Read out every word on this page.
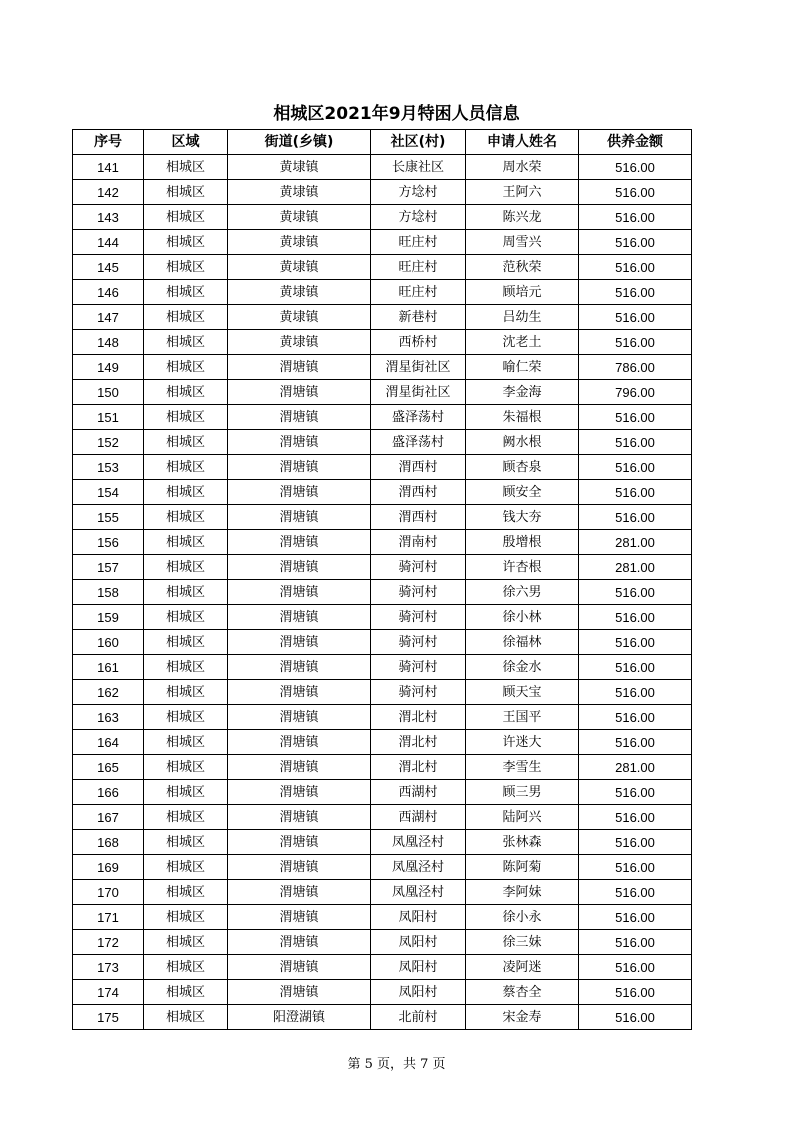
相城区2021年9月特困人员信息
序号	区域	街道(乡镇)	社区(村)	申请人姓名	供养金额
141	相城区	黄埭镇	长康社区	周水荣	516.00
142	相城区	黄埭镇	方埝村	王阿六	516.00
143	相城区	黄埭镇	方埝村	陈兴龙	516.00
144	相城区	黄埭镇	旺庄村	周雪兴	516.00
145	相城区	黄埭镇	旺庄村	范秋荣	516.00
146	相城区	黄埭镇	旺庄村	顾培元	516.00
147	相城区	黄埭镇	新巷村	吕幼生	516.00
148	相城区	黄埭镇	西桥村	沈老土	516.00
149	相城区	渭塘镇	渭星街社区	喻仁荣	786.00
150	相城区	渭塘镇	渭星街社区	李金海	796.00
151	相城区	渭塘镇	盛泽荡村	朱福根	516.00
152	相城区	渭塘镇	盛泽荡村	阙水根	516.00
153	相城区	渭塘镇	渭西村	顾杏泉	516.00
154	相城区	渭塘镇	渭西村	顾安全	516.00
155	相城区	渭塘镇	渭西村	钱大夯	516.00
156	相城区	渭塘镇	渭南村	殷增根	281.00
157	相城区	渭塘镇	骑河村	许杏根	281.00
158	相城区	渭塘镇	骑河村	徐六男	516.00
159	相城区	渭塘镇	骑河村	徐小林	516.00
160	相城区	渭塘镇	骑河村	徐福林	516.00
161	相城区	渭塘镇	骑河村	徐金水	516.00
162	相城区	渭塘镇	骑河村	顾天宝	516.00
163	相城区	渭塘镇	渭北村	王国平	516.00
164	相城区	渭塘镇	渭北村	许迷大	516.00
165	相城区	渭塘镇	渭北村	李雪生	281.00
166	相城区	渭塘镇	西湖村	顾三男	516.00
167	相城区	渭塘镇	西湖村	陆阿兴	516.00
168	相城区	渭塘镇	凤凰泾村	张林森	516.00
169	相城区	渭塘镇	凤凰泾村	陈阿菊	516.00
170	相城区	渭塘镇	凤凰泾村	李阿妹	516.00
171	相城区	渭塘镇	凤阳村	徐小永	516.00
172	相城区	渭塘镇	凤阳村	徐三妹	516.00
173	相城区	渭塘镇	凤阳村	凌阿迷	516.00
174	相城区	渭塘镇	凤阳村	蔡杏全	516.00
175	相城区	阳澄湖镇	北前村	宋金寿	516.00
第 5 页，共 7 页
